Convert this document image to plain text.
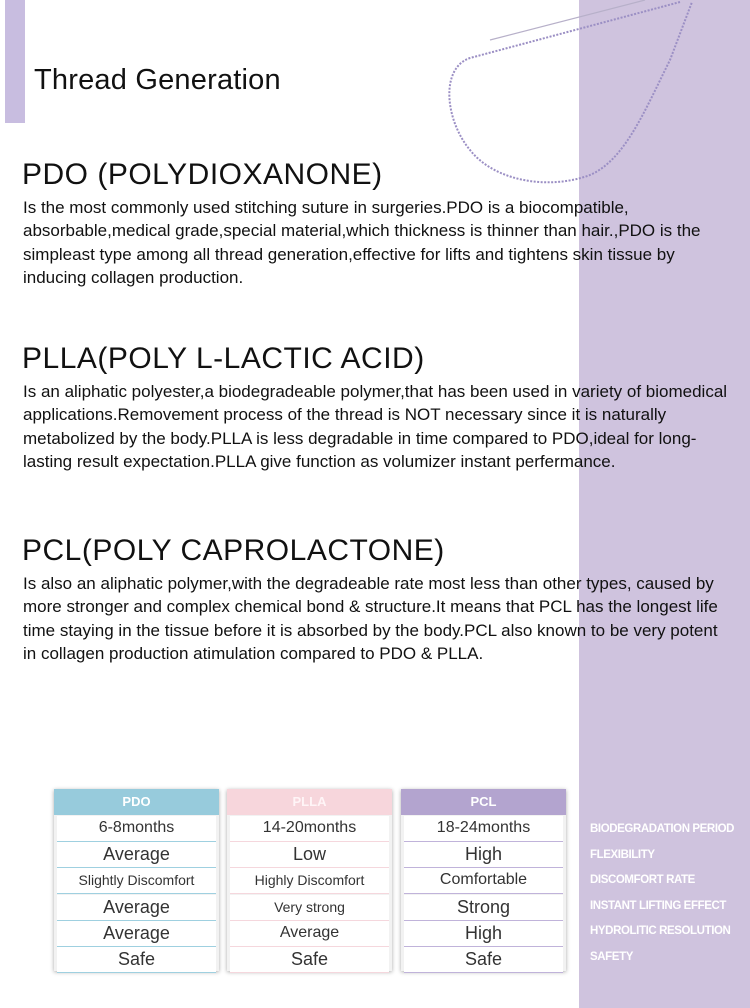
Thread Generation
PDO (POLYDIOXANONE)

Is the most commonly used stitching suture in surgeries.PDO is a biocompatible, absorbable,medical grade,special material,which thickness is thinner than hair.,PDO is the simpleast type among all thread generation,effective for lifts and tightens skin tissue by inducing collagen production.

PLLA(POLY L-LACTIC ACID)

Is an aliphatic polyester,a biodegradeable polymer,that has been used in variety of biomedical applications.Removement process of the thread is NOT necessary since it is naturally metabolized by the body.PLLA is less degradable in time compared to PDO,ideal for long-lasting result expectation.PLLA give function as volumizer instant perfermance.

PCL(POLY CAPROLACTONE)

Is also an aliphatic polymer,with the degradeable rate most less than other types, caused by more stronger and complex chemical bond & structure.It means that PCL has the longest life time staying in the tissue before it is absorbed by the body.PCL also known to be very potent in collagen production atimulation compared to PDO & PLLA.

PDO
6-8months
Average
Slightly Discomfort
Average
Average
Safe
PLLA
14-20months
Low
Highly Discomfort
Very strong
Average
Safe
PCL
18-24months
High
Comfortable
Strong
High
Safe
BIODEGRADATION PERIOD
FLEXIBILITY
DISCOMFORT RATE
INSTANT LIFTING EFFECT
HYDROLITIC RESOLUTION
SAFETY
